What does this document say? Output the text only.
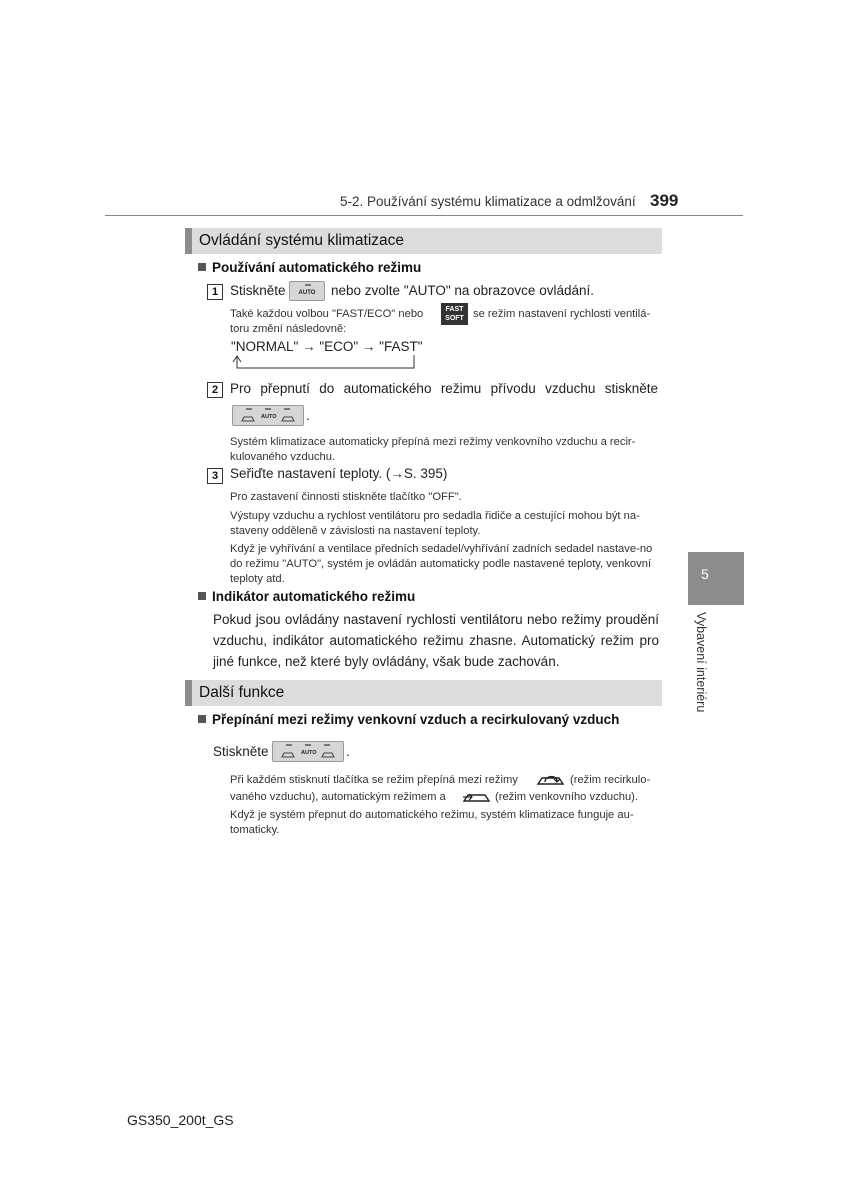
5-2. Používání systému klimatizace a odmlžování 399
Ovládání systému klimatizace
Používání automatického režimu
1 Stiskněte	AUTO	nebo zvolte "AUTO" na obrazovce ovládání.
Také každou volbou "FAST/ECO" nebo	FAST
SOFT se režim nastavení rychlosti ventilá-
toru změní následovně:
"NORMAL" → "ECO" → "FAST"
2 Pro přepnutí do automatického režimu přívodu vzduchu stiskněte
AUTO .
Systém klimatizace automaticky přepíná mezi režimy venkovního vzduchu a recir-kulovaného vzduchu.
3 Seřiďte nastavení teploty. (→S. 395)
Pro zastavení činnosti stiskněte tlačítko "OFF".
Výstupy vzduchu a rychlost ventilátoru pro sedadla řidiče a cestující mohou být na-staveny odděleně v závislosti na nastavení teploty.
Když je vyhřívání a ventilace předních sedadel/vyhřívání zadních sedadel nastave-no do režimu "AUTO", systém je ovládán automaticky podle nastavené teploty, venkovní teploty atd.
Indikátor automatického režimu
Pokud jsou ovládány nastavení rychlosti ventilátoru nebo režimy proudění vzduchu, indikátor automatického režimu zhasne. Automatický režim pro jiné funkce, než které byly ovládány, však bude zachován.
Další funkce
Přepínání mezi režimy venkovní vzduch a recirkulovaný vzduch
Stiskněte	AUTO .
Při každém stisknutí tlačítka se režim přepíná mezi režimy	(režim recirkulo-
vaného vzduchu), automatickým režimem a	(režim venkovního vzduchu).
Když je systém přepnut do automatického režimu, systém klimatizace funguje au-tomaticky.
5
Vybavení interiéru
GS350_200t_GS
